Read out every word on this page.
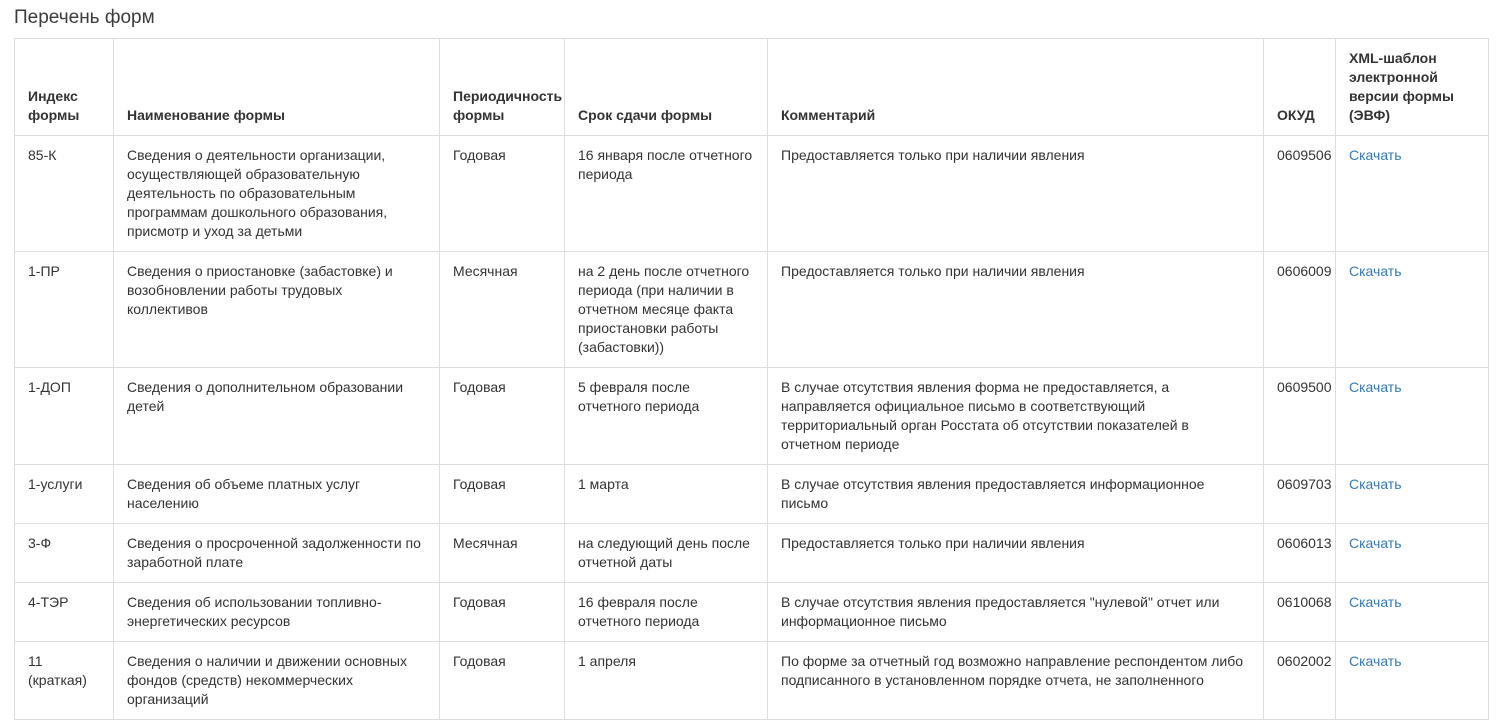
Перечень форм
Индекс формы	Наименование формы	Периодичность формы	Срок сдачи формы	Комментарий	ОКУД	XML-шаблон электронной версии формы (ЭВФ)
85-К	Сведения о деятельности организации, осуществляющей образовательную деятельность по образовательным программам дошкольного образования, присмотр и уход за детьми	Годовая	16 января после отчетного периода	Предоставляется только при наличии явления	0609506	Скачать
1-ПР	Сведения о приостановке (забастовке) и возобновлении работы трудовых коллективов	Месячная	на 2 день после отчетного периода (при наличии в отчетном месяце факта приостановки работы (забастовки))	Предоставляется только при наличии явления	0606009	Скачать
1-ДОП	Сведения о дополнительном образовании детей	Годовая	5 февраля после отчетного периода	В случае отсутствия явления форма не предоставляется, а направляется официальное письмо в соответствующий территориальный орган Росстата об отсутствии показателей в отчетном периоде	0609500	Скачать
1-услуги	Сведения об объеме платных услуг населению	Годовая	1 марта	В случае отсутствия явления предоставляется информационное письмо	0609703	Скачать
3-Ф	Сведения о просроченной задолженности по заработной плате	Месячная	на следующий день после отчетной даты	Предоставляется только при наличии явления	0606013	Скачать
4-ТЭР	Сведения об использовании топливно-энергетических ресурсов	Годовая	16 февраля после отчетного периода	В случае отсутствия явления предоставляется "нулевой" отчет или информационное письмо	0610068	Скачать
11 (краткая)	Сведения о наличии и движении основных фондов (средств) некоммерческих организаций	Годовая	1 апреля	По форме за отчетный год возможно направление респондентом либо подписанного в установленном порядке отчета, не заполненного	0602002	Скачать
